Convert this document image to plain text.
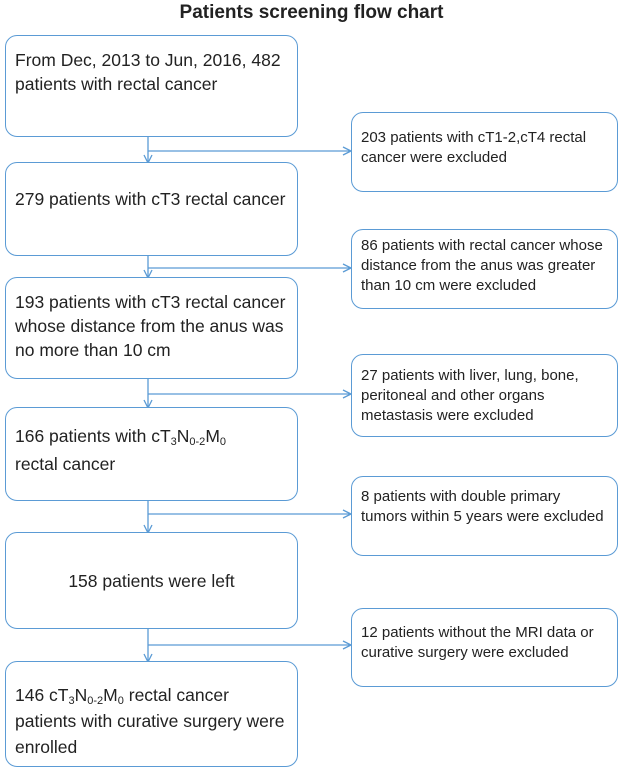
Patients screening flow chart
From Dec, 2013 to Jun, 2016, 482 patients with rectal cancer
279 patients with cT3 rectal cancer
193 patients with cT3 rectal cancer whose distance from the anus was no more than 10 cm
166 patients with $cT_3N_{0-2}M_0$
rectal cancer
158 patients were left
146 $cT_3N_{0-2}M_0$ rectal cancer patients with curative surgery were enrolled
203 patients with cT1-2,cT4 rectal cancer were excluded
86 patients with rectal cancer whose distance from the anus was greater than 10 cm were excluded
27 patients with liver, lung, bone, peritoneal and other organs metastasis were excluded
8 patients with double primary tumors within 5 years were excluded
12 patients without the MRI data or curative surgery were excluded
